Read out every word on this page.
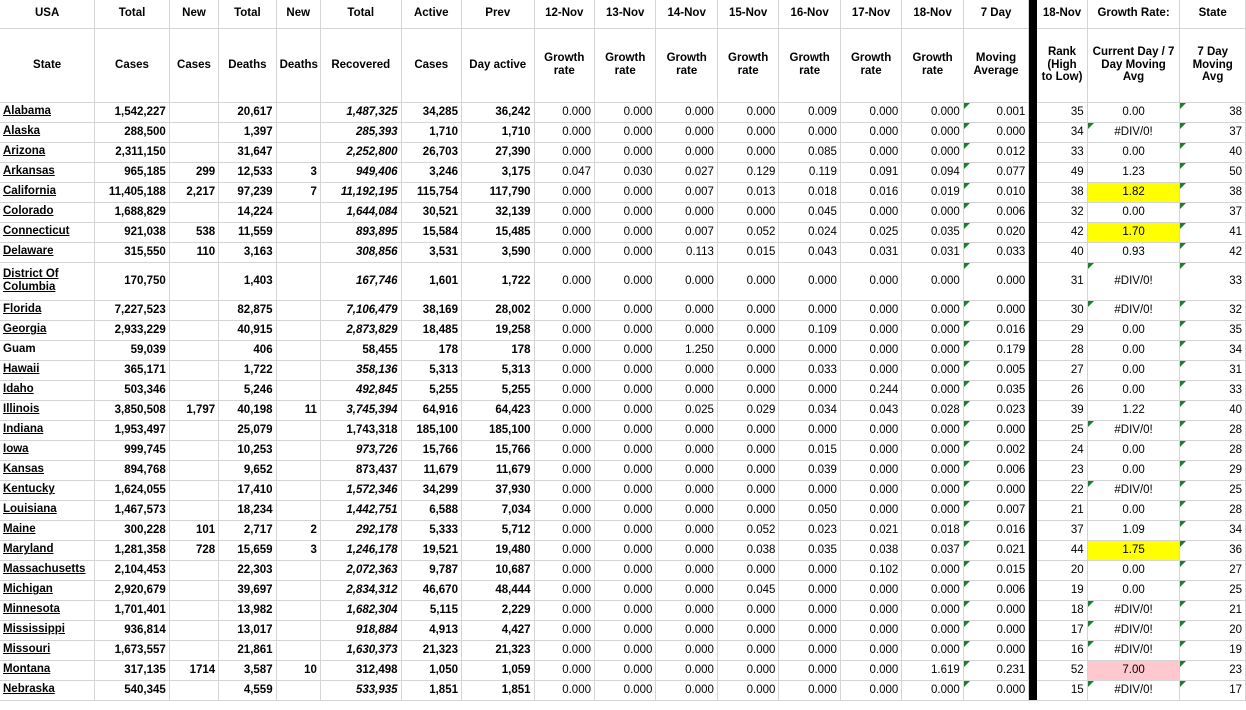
USA	Total	New	Total	New	Total	Active	Prev	12-Nov	13-Nov	14-Nov	15-Nov	16-Nov	17-Nov	18-Nov	7 Day		18-Nov	Growth Rate:	State
State	Cases	Cases	Deaths	Deaths	Recovered	Cases	Day active	Growth rate	Growth rate	Growth rate	Growth rate	Growth rate	Growth rate	Growth rate	Moving Average		Rank (High to Low)	Current Day / 7 Day Moving Avg	7 Day Moving Avg
Alabama	1,542,227		20,617		1,487,325	34,285	36,242	0.000	0.000	0.000	0.000	0.009	0.000	0.000	0.001		35	0.00	38
Alaska	288,500		1,397		285,393	1,710	1,710	0.000	0.000	0.000	0.000	0.000	0.000	0.000	0.000		34	#DIV/0!	37
Arizona	2,311,150		31,647		2,252,800	26,703	27,390	0.000	0.000	0.000	0.000	0.085	0.000	0.000	0.012		33	0.00	40
Arkansas	965,185	299	12,533	3	949,406	3,246	3,175	0.047	0.030	0.027	0.129	0.119	0.091	0.094	0.077		49	1.23	50
California	11,405,188	2,217	97,239	7	11,192,195	115,754	117,790	0.000	0.000	0.007	0.013	0.018	0.016	0.019	0.010		38	1.82	38
Colorado	1,688,829		14,224		1,644,084	30,521	32,139	0.000	0.000	0.000	0.000	0.045	0.000	0.000	0.006		32	0.00	37
Connecticut	921,038	538	11,559		893,895	15,584	15,485	0.000	0.000	0.007	0.052	0.024	0.025	0.035	0.020		42	1.70	41
Delaware	315,550	110	3,163		308,856	3,531	3,590	0.000	0.000	0.113	0.015	0.043	0.031	0.031	0.033		40	0.93	42
District Of Columbia	170,750		1,403		167,746	1,601	1,722	0.000	0.000	0.000	0.000	0.000	0.000	0.000	0.000		31	#DIV/0!	33
Florida	7,227,523		82,875		7,106,479	38,169	28,002	0.000	0.000	0.000	0.000	0.000	0.000	0.000	0.000		30	#DIV/0!	32
Georgia	2,933,229		40,915		2,873,829	18,485	19,258	0.000	0.000	0.000	0.000	0.109	0.000	0.000	0.016		29	0.00	35
Guam	59,039		406		58,455	178	178	0.000	0.000	1.250	0.000	0.000	0.000	0.000	0.179		28	0.00	34
Hawaii	365,171		1,722		358,136	5,313	5,313	0.000	0.000	0.000	0.000	0.033	0.000	0.000	0.005		27	0.00	31
Idaho	503,346		5,246		492,845	5,255	5,255	0.000	0.000	0.000	0.000	0.000	0.244	0.000	0.035		26	0.00	33
Illinois	3,850,508	1,797	40,198	11	3,745,394	64,916	64,423	0.000	0.000	0.025	0.029	0.034	0.043	0.028	0.023		39	1.22	40
Indiana	1,953,497		25,079		1,743,318	185,100	185,100	0.000	0.000	0.000	0.000	0.000	0.000	0.000	0.000		25	#DIV/0!	28
Iowa	999,745		10,253		973,726	15,766	15,766	0.000	0.000	0.000	0.000	0.015	0.000	0.000	0.002		24	0.00	28
Kansas	894,768		9,652		873,437	11,679	11,679	0.000	0.000	0.000	0.000	0.039	0.000	0.000	0.006		23	0.00	29
Kentucky	1,624,055		17,410		1,572,346	34,299	37,930	0.000	0.000	0.000	0.000	0.000	0.000	0.000	0.000		22	#DIV/0!	25
Louisiana	1,467,573		18,234		1,442,751	6,588	7,034	0.000	0.000	0.000	0.000	0.050	0.000	0.000	0.007		21	0.00	28
Maine	300,228	101	2,717	2	292,178	5,333	5,712	0.000	0.000	0.000	0.052	0.023	0.021	0.018	0.016		37	1.09	34
Maryland	1,281,358	728	15,659	3	1,246,178	19,521	19,480	0.000	0.000	0.000	0.038	0.035	0.038	0.037	0.021		44	1.75	36
Massachusetts	2,104,453		22,303		2,072,363	9,787	10,687	0.000	0.000	0.000	0.000	0.000	0.102	0.000	0.015		20	0.00	27
Michigan	2,920,679		39,697		2,834,312	46,670	48,444	0.000	0.000	0.000	0.045	0.000	0.000	0.000	0.006		19	0.00	25
Minnesota	1,701,401		13,982		1,682,304	5,115	2,229	0.000	0.000	0.000	0.000	0.000	0.000	0.000	0.000		18	#DIV/0!	21
Mississippi	936,814		13,017		918,884	4,913	4,427	0.000	0.000	0.000	0.000	0.000	0.000	0.000	0.000		17	#DIV/0!	20
Missouri	1,673,557		21,861		1,630,373	21,323	21,323	0.000	0.000	0.000	0.000	0.000	0.000	0.000	0.000		16	#DIV/0!	19
Montana	317,135	1714	3,587	10	312,498	1,050	1,059	0.000	0.000	0.000	0.000	0.000	0.000	1.619	0.231		52	7.00	23
Nebraska	540,345		4,559		533,935	1,851	1,851	0.000	0.000	0.000	0.000	0.000	0.000	0.000	0.000		15	#DIV/0!	17
